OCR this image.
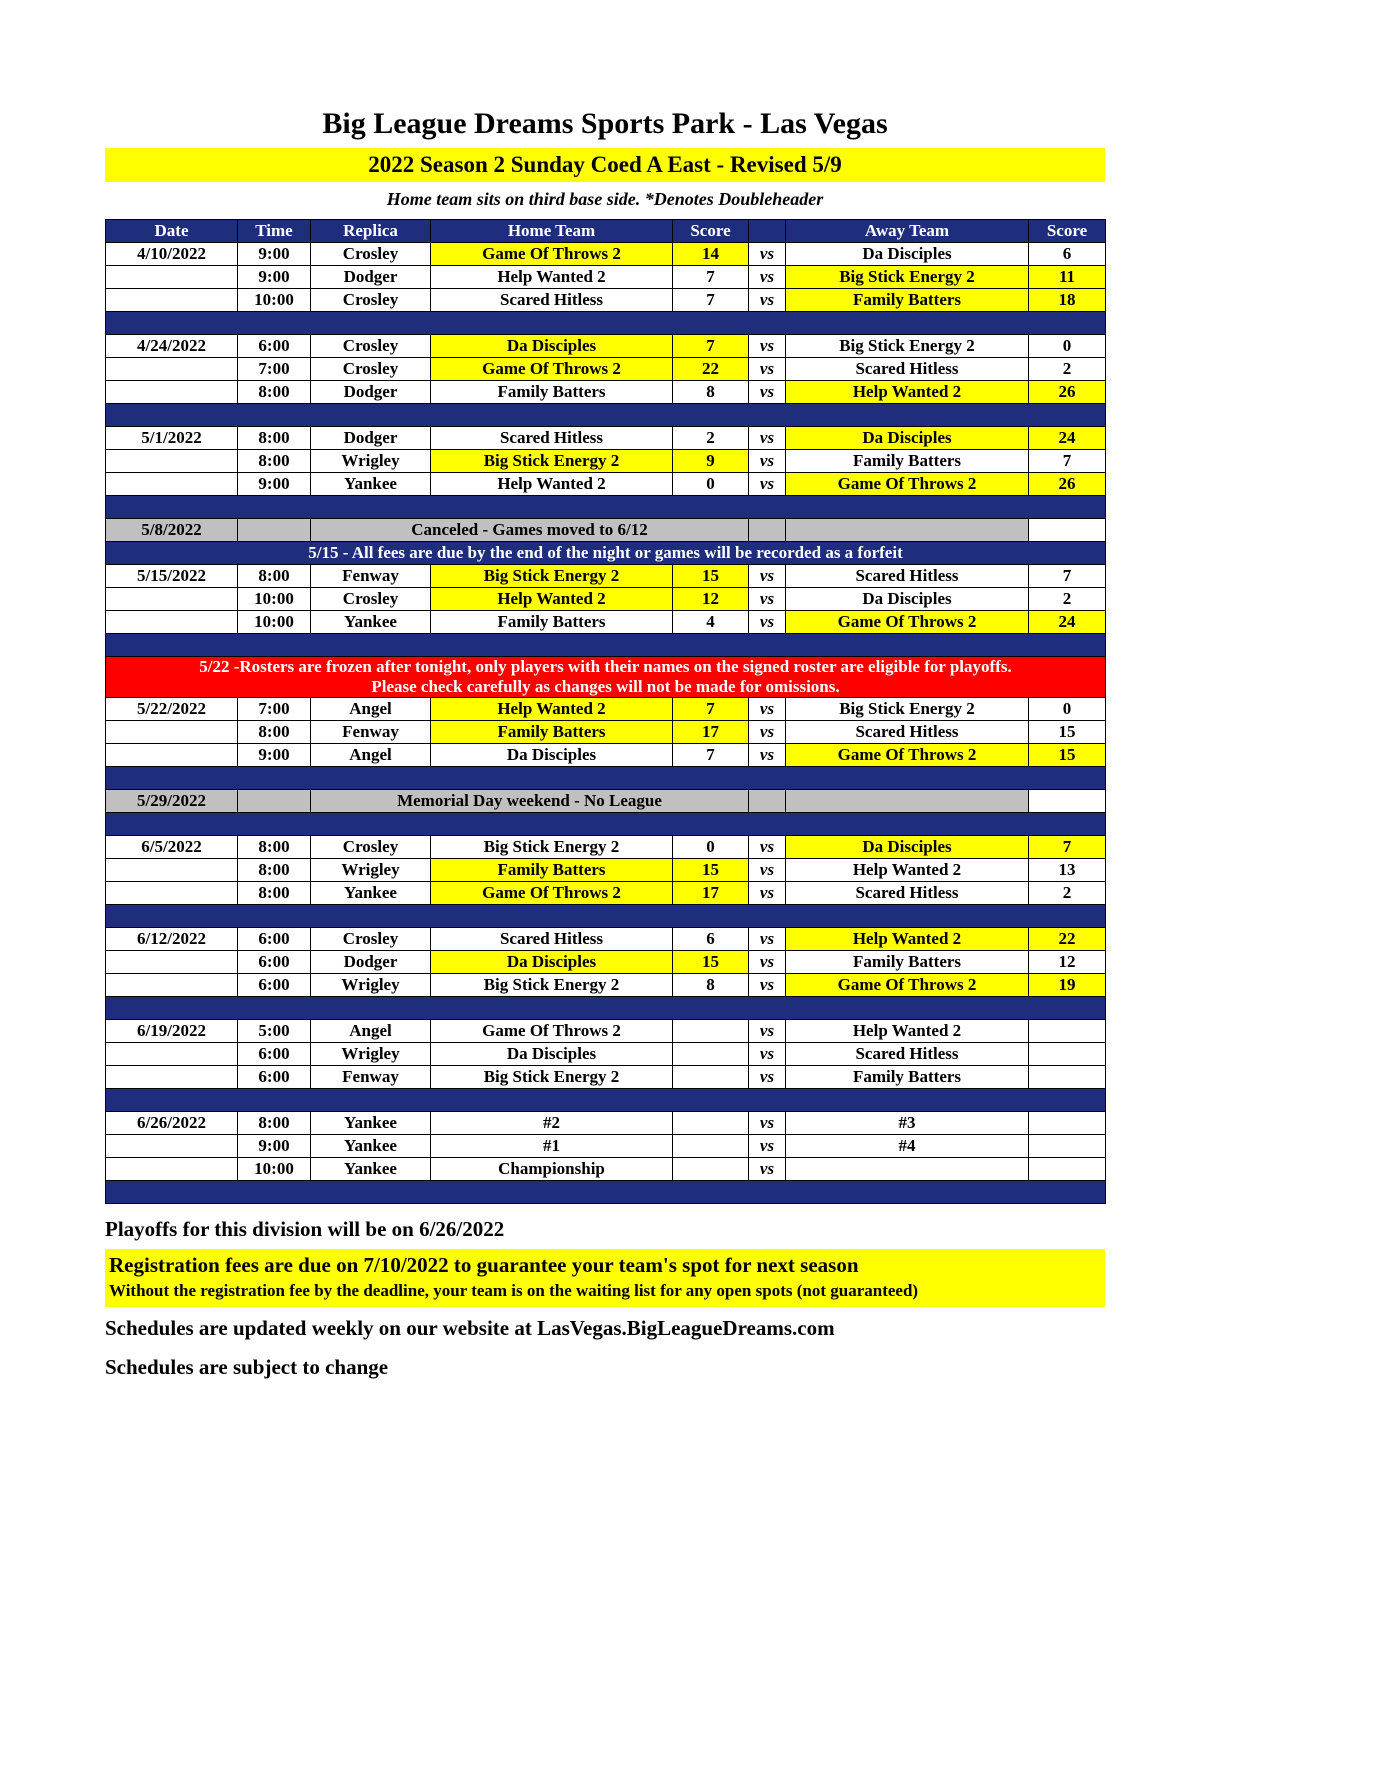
Big League Dreams Sports Park - Las Vegas
2022 Season 2 Sunday Coed A East - Revised 5/9
Home team sits on third base side. *Denotes Doubleheader
Date	Time	Replica	Home Team	Score		Away Team	Score
4/10/2022	9:00	Crosley	Game Of Throws 2	14	vs	Da Disciples	6
	9:00	Dodger	Help Wanted 2	7	vs	Big Stick Energy 2	11
	10:00	Crosley	Scared Hitless	7	vs	Family Batters	18

4/24/2022	6:00	Crosley	Da Disciples	7	vs	Big Stick Energy 2	0
	7:00	Crosley	Game Of Throws 2	22	vs	Scared Hitless	2
	8:00	Dodger	Family Batters	8	vs	Help Wanted 2	26

5/1/2022	8:00	Dodger	Scared Hitless	2	vs	Da Disciples	24
	8:00	Wrigley	Big Stick Energy 2	9	vs	Family Batters	7
	9:00	Yankee	Help Wanted 2	0	vs	Game Of Throws 2	26

5/8/2022		Canceled - Games moved to 6/12					
5/15 - All fees are due by the end of the night or games will be recorded as a forfeit							
5/15/2022	8:00	Fenway	Big Stick Energy 2	15	vs	Scared Hitless	7
	10:00	Crosley	Help Wanted 2	12	vs	Da Disciples	2
	10:00	Yankee	Family Batters	4	vs	Game Of Throws 2	24

5/22 -Rosters are frozen after tonight, only players with their names on the signed roster are eligible for playoffs.
Please check carefully as changes will not be made for omissions.							

5/22/2022	7:00	Angel	Help Wanted 2	7	vs	Big Stick Energy 2	0
	8:00	Fenway	Family Batters	17	vs	Scared Hitless	15
	9:00	Angel	Da Disciples	7	vs	Game Of Throws 2	15

5/29/2022		Memorial Day weekend - No League					

6/5/2022	8:00	Crosley	Big Stick Energy 2	0	vs	Da Disciples	7
	8:00	Wrigley	Family Batters	15	vs	Help Wanted 2	13
	8:00	Yankee	Game Of Throws 2	17	vs	Scared Hitless	2

6/12/2022	6:00	Crosley	Scared Hitless	6	vs	Help Wanted 2	22
	6:00	Dodger	Da Disciples	15	vs	Family Batters	12
	6:00	Wrigley	Big Stick Energy 2	8	vs	Game Of Throws 2	19

6/19/2022	5:00	Angel	Game Of Throws 2		vs	Help Wanted 2	
	6:00	Wrigley	Da Disciples		vs	Scared Hitless	
	6:00	Fenway	Big Stick Energy 2		vs	Family Batters	

6/26/2022	8:00	Yankee	#2		vs	#3	
	9:00	Yankee	#1		vs	#4	
	10:00	Yankee	Championship		vs		

Playoffs for this division will be on 6/26/2022
Registration fees are due on 7/10/2022 to guarantee your team's spot for next season
Without the registration fee by the deadline, your team is on the waiting list for any open spots (not guaranteed)
Schedules are updated weekly on our website at LasVegas.BigLeagueDreams.com
Schedules are subject to change
